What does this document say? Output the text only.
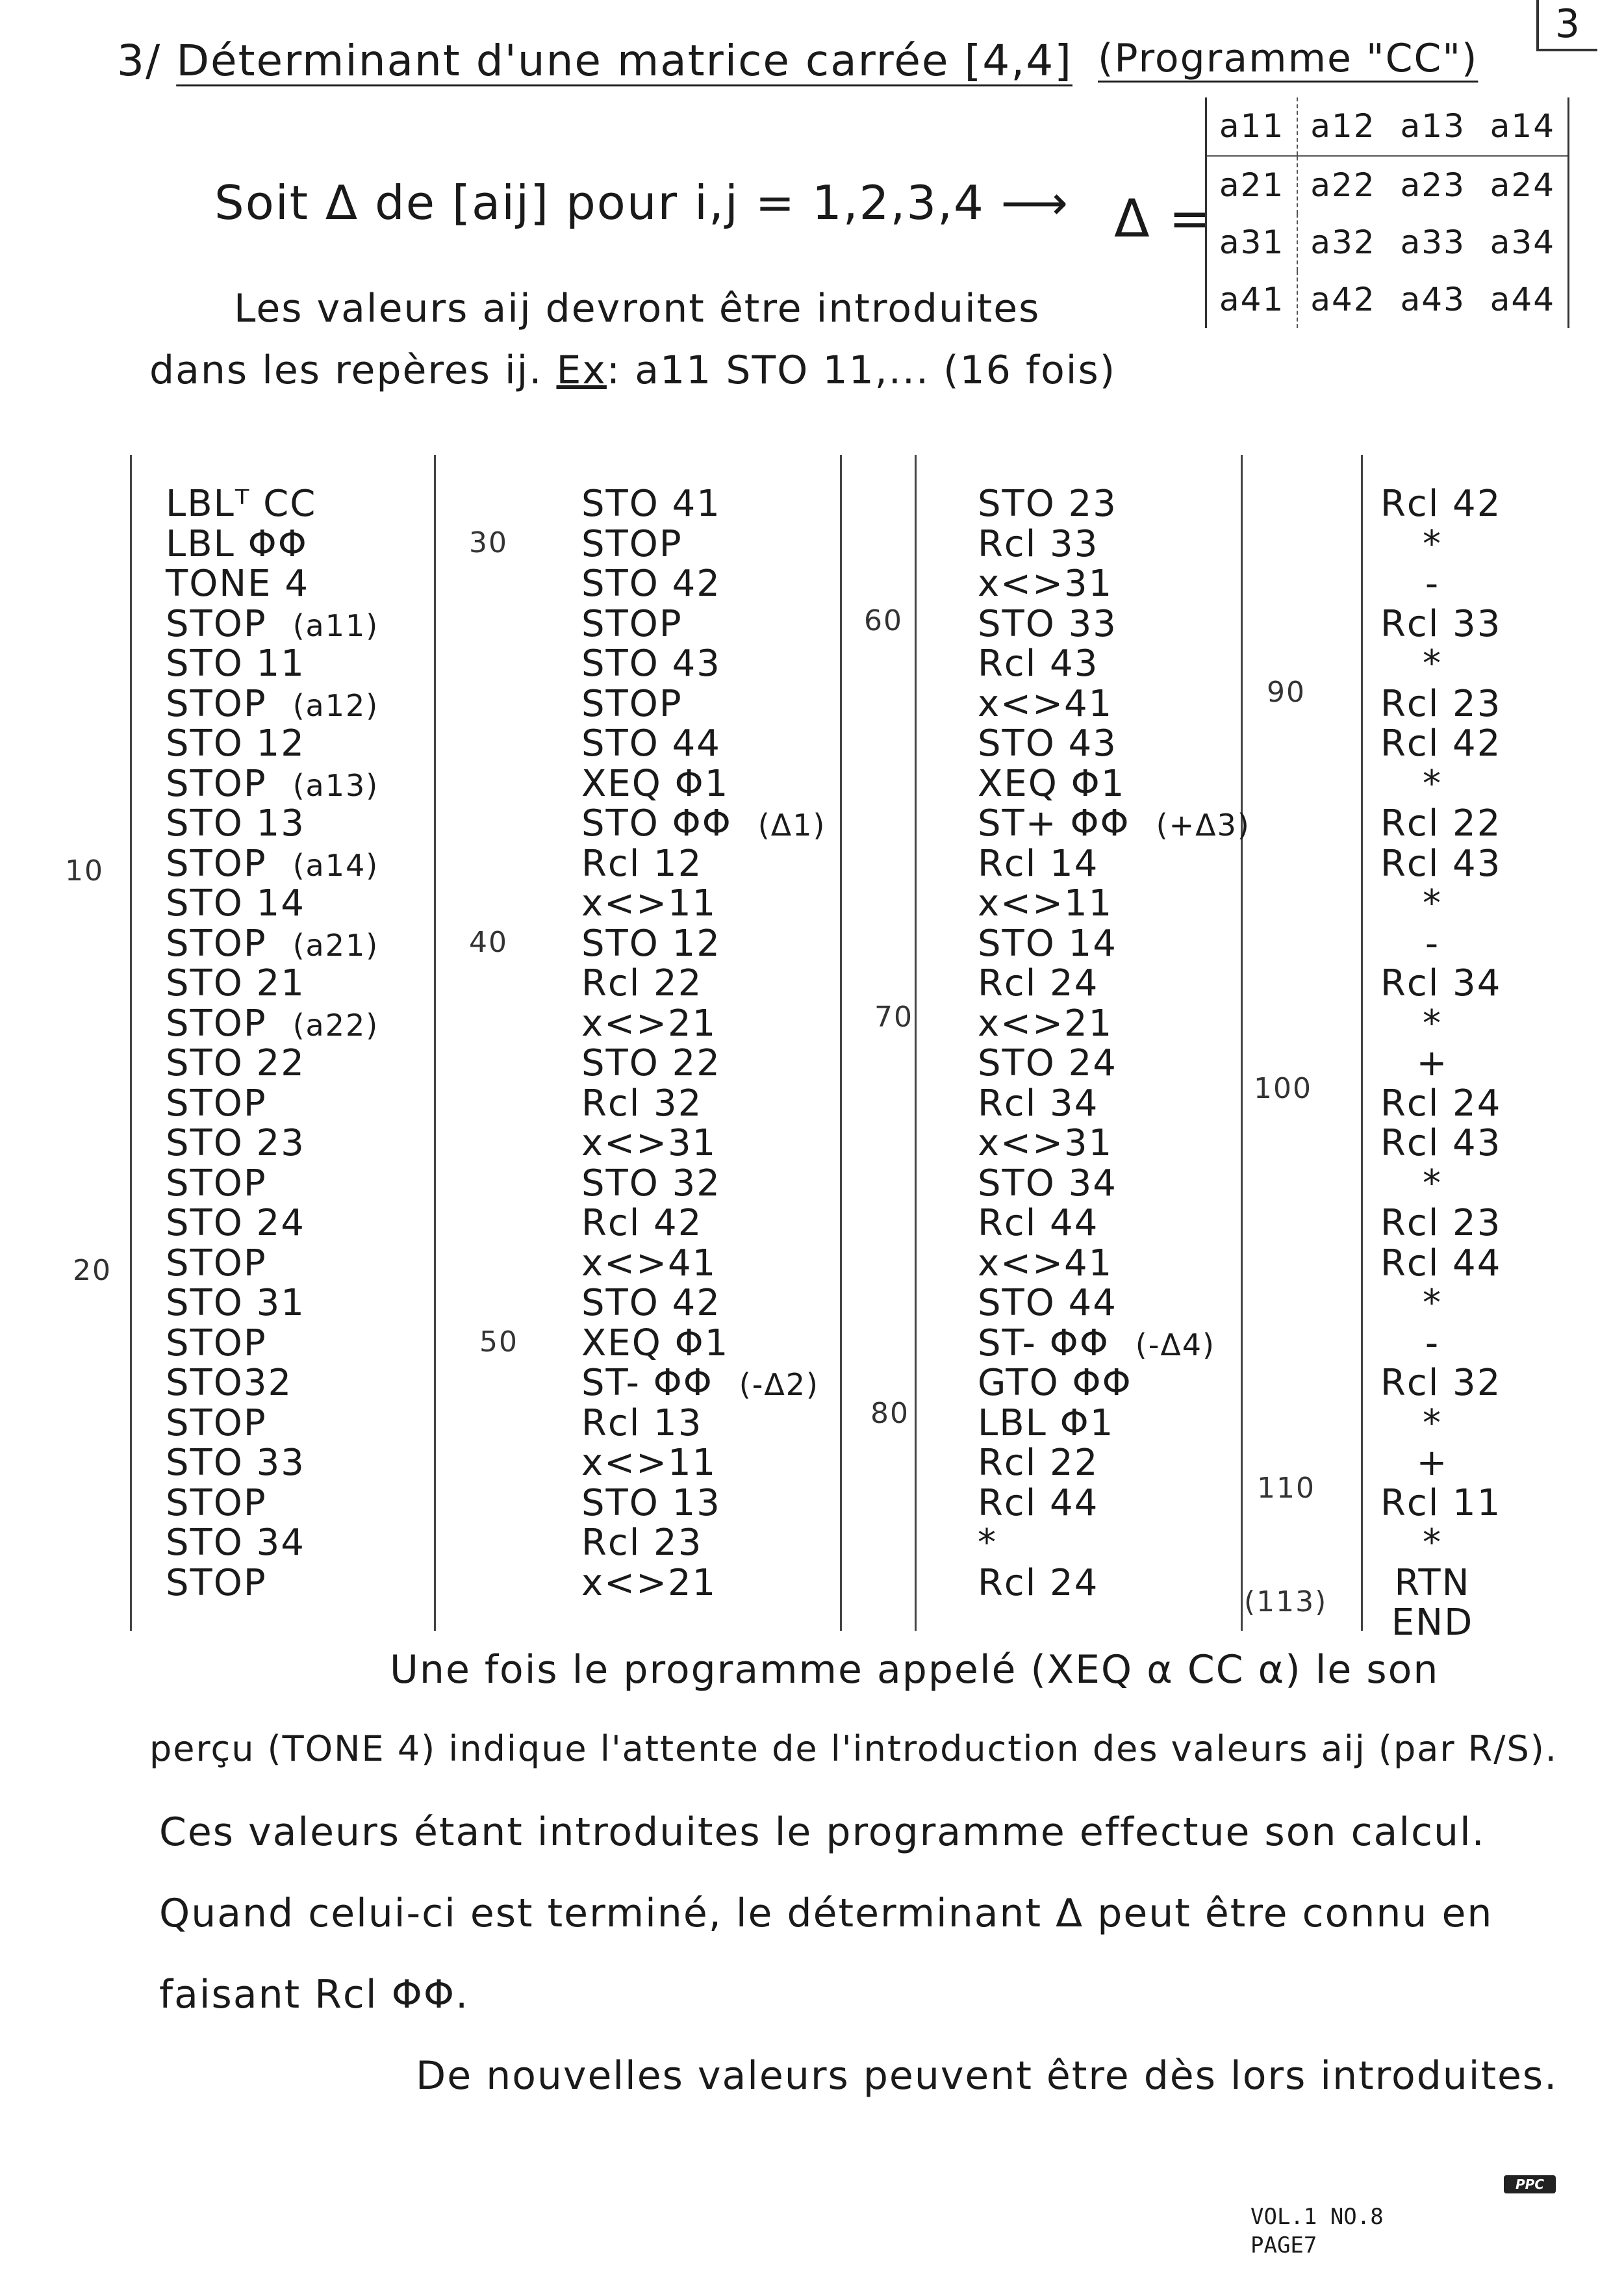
3/ Déterminant d'une matrice carrée [4,4] (Programme "CC")
3
Soit Δ de [aij] pour i,j = 1,2,3,4 ⟶ Δ =
a11	a12	a13	a14
a21	a22	a23	a24
a31	a32	a33	a34
a41	a42	a43	a44
Les valeurs aij devront être introduites
dans les repères ij. Ex: a11 STO 11,... (16 fois)
LBLᵀ CC
LBL ΦΦ
TONE 4
STOP (a11)
STO 11
STOP (a12)
STO 12
STOP (a13)
STO 13
STOP (a14)
STO 14
STOP (a21)
STO 21
STOP (a22)
STO 22
STOP
STO 23
STOP
STO 24
STOP
STO 31
STOP
STO32
STOP
STO 33
STOP
STO 34
STOP
STO 41
STOP
STO 42
STOP
STO 43
STOP
STO 44
XEQ Φ1
STO ΦΦ (Δ1)
Rcl 12
x<>11
STO 12
Rcl 22
x<>21
STO 22
Rcl 32
x<>31
STO 32
Rcl 42
x<>41
STO 42
XEQ Φ1
ST- ΦΦ (-Δ2)
Rcl 13
x<>11
STO 13
Rcl 23
x<>21
STO 23
Rcl 33
x<>31
STO 33
Rcl 43
x<>41
STO 43
XEQ Φ1
ST+ ΦΦ (+Δ3)
Rcl 14
x<>11
STO 14
Rcl 24
x<>21
STO 24
Rcl 34
x<>31
STO 34
Rcl 44
x<>41
STO 44
ST- ΦΦ (-Δ4)
GTO ΦΦ
LBL Φ1
Rcl 22
Rcl 44
*
Rcl 24
Rcl 42
*
-
Rcl 33
*
Rcl 23
Rcl 42
*
Rcl 22
Rcl 43
*
-
Rcl 34
*
+
Rcl 24
Rcl 43
*
Rcl 23
Rcl 44
*
-
Rcl 32
*
+
Rcl 11
*
RTN
END
10
20
30
40
50
60
70
80
90
100
110
(113)
Une fois le programme appelé (XEQ α CC α) le son
perçu (TONE 4) indique l'attente de l'introduction des valeurs aij (par R/S).
Ces valeurs étant introduites le programme effectue son calcul.
Quand celui-ci est terminé, le déterminant Δ peut être connu en
faisant Rcl ΦΦ.
De nouvelles valeurs peuvent être dès lors introduites.
PPC
VOL.1 NO.8
PAGE7
